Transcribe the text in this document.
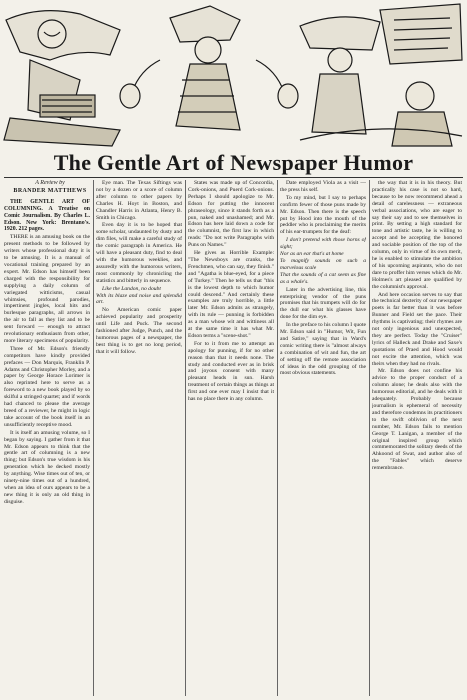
The Gentle Art of Newspaper Humor

A Review by

BRANDER MATTHEWS

THE GENTLE ART OF COLUMNING. A Treatise on Comic Journalism. By Charles L. Edson. New York: Brentano's. 1920. 212 pages.

THERE is an amusing book on the present methods to be followed by writers whose professional duty it is to be amusing. It is a manual of vocational training prepared by an expert. Mr. Edson has himself been charged with the responsibility for supplying a daily column of variegated witticisms, casual whimsies, profound parodies, impertinent jingles, local hits and burlesque paragraphs, all arrows in the air to fall as they list and to be sent forward — enough to attract revolutionary enthusiasm from other, more literary specimens of popularity.

Three of Mr. Edson's friendly competitors have kindly provided prefaces — Don Marquis, Franklin P. Adams and Christopher Morley, and a paper by George Horace Lorimer is also reprinted here to serve as a foreword to a new book played by so skilful a stringed quartet; and if words had chanced to please the average breed of a reviewer, he might in logic take account of the book itself in an unsufficiently receptive mood.

It is itself an amusing volume, so I began by saying. I gather from it that Mr. Edson appears to think that the gentle art of columning is a new thing; but Edson's true wisdom is his generation which he decked mostly by anything. Wise times out of ten, or ninety-nine times out of a hundred, when an idea of ours appears to be a new thing it is only an old thing in disguise.

Eye man. The Texas Siftings was not by a dozen or a score of column after column to other papers by Charles H. Hoyt in Boston, and Chandler Harris in Atlanta, Henry B. Smith in Chicago.

Even day it is to be hoped that some scholar, undaunted by dusty and dim files, will make a careful study of the comic paragraph in America. He will have a pleasant duty, find to deal with the humorous weeklies, and assuredly with the humorous writers, most commonly by chronicling the statistics and bitterly in sequence.

Like the Landon, no doubt
With its blaze and noise and splendid art.

No American comic paper achieved popularity and prosperity until Life and Puck. The second fashioned after Judge, Punch, and the humorous pages of a newspaper, the best thing is to get no long period, that it will follow.

States was made up of Concordia, Cork-onions, and Puerd Cork-onions. Perhaps I should apologize to Mr. Edson for putting the innocent phraseology, since it stands forth as a pun, naked and unashamed; and Mr. Edson has here laid down a code for the columnist, the first law in which reads: "Do not write Paragraphs with Puns on Names."

He gives as Horrible Example: "The Newsboys are cranks, the Frenchmen, who can say, they finish." and "Agatha is blue-eyed, for a piece of Turkey." Then he tells us that "this is the lowest depth to which humor could descend." And certainly these examples are truly horrible, a little later Mr. Edson admits as strangely, with its rule — punning is forbidden as a man whose wit and wittiness all at the same time it has what Mr. Edson terms a "scene-shot."

For to it from me to attempt an apology for punning, if for no other reason than that it needs none. The study and conducted ever as in brisk and joyous consent with many pleasant heads in sun. Harsh treatment of certain things as things at first and one ever may I insist that it has no place there in any column.

Date employed Viola as a visit — the press his self.

To my mind, but I say to perhaps confirm fewer of those puns made by Mr. Edson. Then there is the speech put by Hood into the mouth of the peddler who is proclaiming the merits of his ear-trumpets for the deaf:

I don't pretend with those horns of sight;
Nor as an ear that's at home
To magnify sounds on such a marvelous scale
That the sounds of a cat seem as fine as a whale's.

Later in the advertising line, this enterprising vendor of the puns promises that his trumpets will do for the dull ear what his glasses have done for the dim eye.

In the preface to his column I quote Mr. Edson said in "Humor, Wit, Fun and Satire," saying that in Ward's comic writing there is "almost always a combination of wit and fun, the art of setting off the remote association of ideas in the odd grouping of the most obvious statements.

the way that it is in his theory. But practically his case is not so hard, because to be now recommend ahead a detail of carelessness — extraneous verbal associations, who are eager to say their say and to see themselves in print. By setting a high standard for tone and artistic taste, he is willing to accept and be accepting the honored and sociable position of the top of the column, only in virtue of its own merit, he is enabled to stimulate the ambition of his upcoming aspirants, who do not dare to proffer him verses which do Mr. Holmes's art pleased are qualified by the columnist's approval.

And here occasion serves to say that the technical dexterity of our newspaper poets is far better than it was before Bunner and Field set the pace. Their rhythms is captivating; their rhymes are not only ingenious and unexpected, they are perfect. Today the "Cruiser" lyrics of Halleck and Drake and Saxe's quotations of Praed and Hood would not excite the attention, which was theirs when they had no rivals.

Mr. Edson does not confine his advice to the proper conduct of a column alone; he deals also with the humorous editorial, and he deals with it adequately. Probably because journalism is ephemeral of necessity and therefore condemns its practitioners to the swift oblivion of the next number, Mr. Edson fails to mention George T. Lanigan, a member of the original inspired group which commemorated the solitary deeds of the Ahkoond of Swat, and author also of the "Fables" which deserve remembrance.
